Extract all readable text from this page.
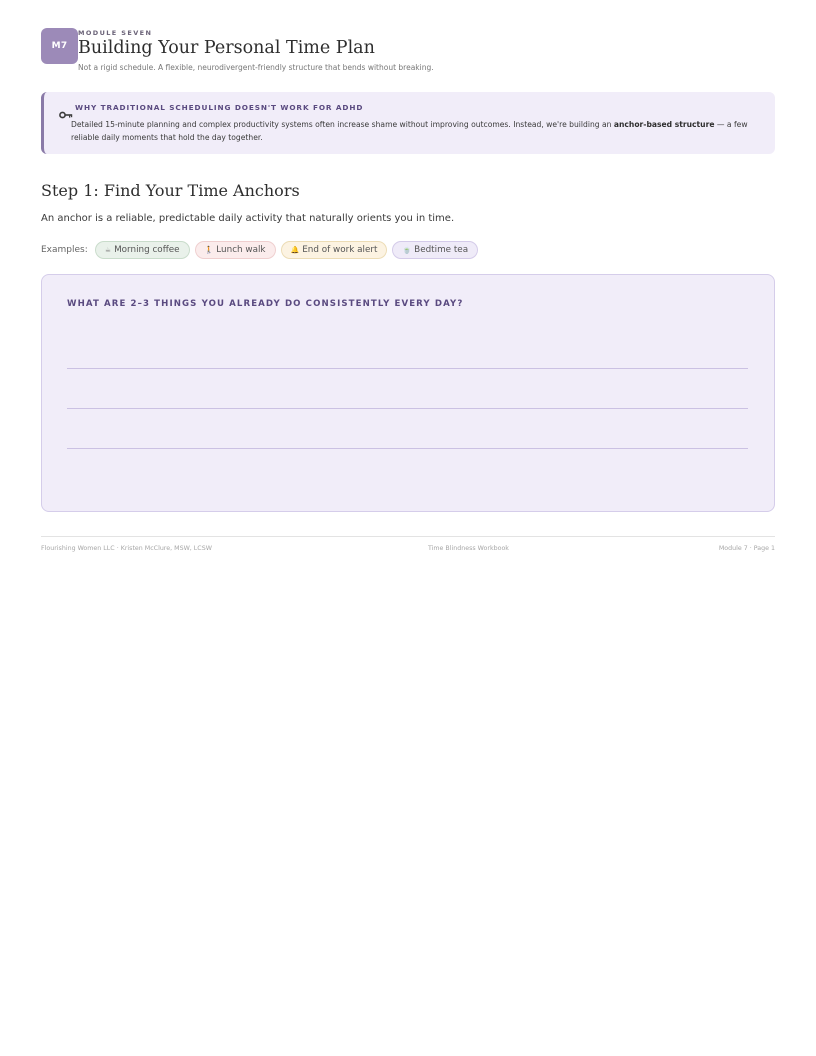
M7
MODULE SEVEN
Building Your Personal Time Plan
Not a rigid schedule. A flexible, neurodivergent-friendly structure that bends without breaking.
WHY TRADITIONAL SCHEDULING DOESN'T WORK FOR ADHD
Detailed 15-minute planning and complex productivity systems often increase shame without improving outcomes. Instead, we're building an anchor-based structure — a few reliable daily moments that hold the day together.
Step 1: Find Your Time Anchors
An anchor is a reliable, predictable daily activity that naturally orients you in time.
Examples: ☕ Morning coffee	🚶 Lunch walk	🔔 End of work alert	🍵 Bedtime tea
WHAT ARE 2–3 THINGS YOU ALREADY DO CONSISTENTLY EVERY DAY?
Flourishing Women LLC · Kristen McClure, MSW, LCSW	Time Blindness Workbook	Module 7 · Page 1
